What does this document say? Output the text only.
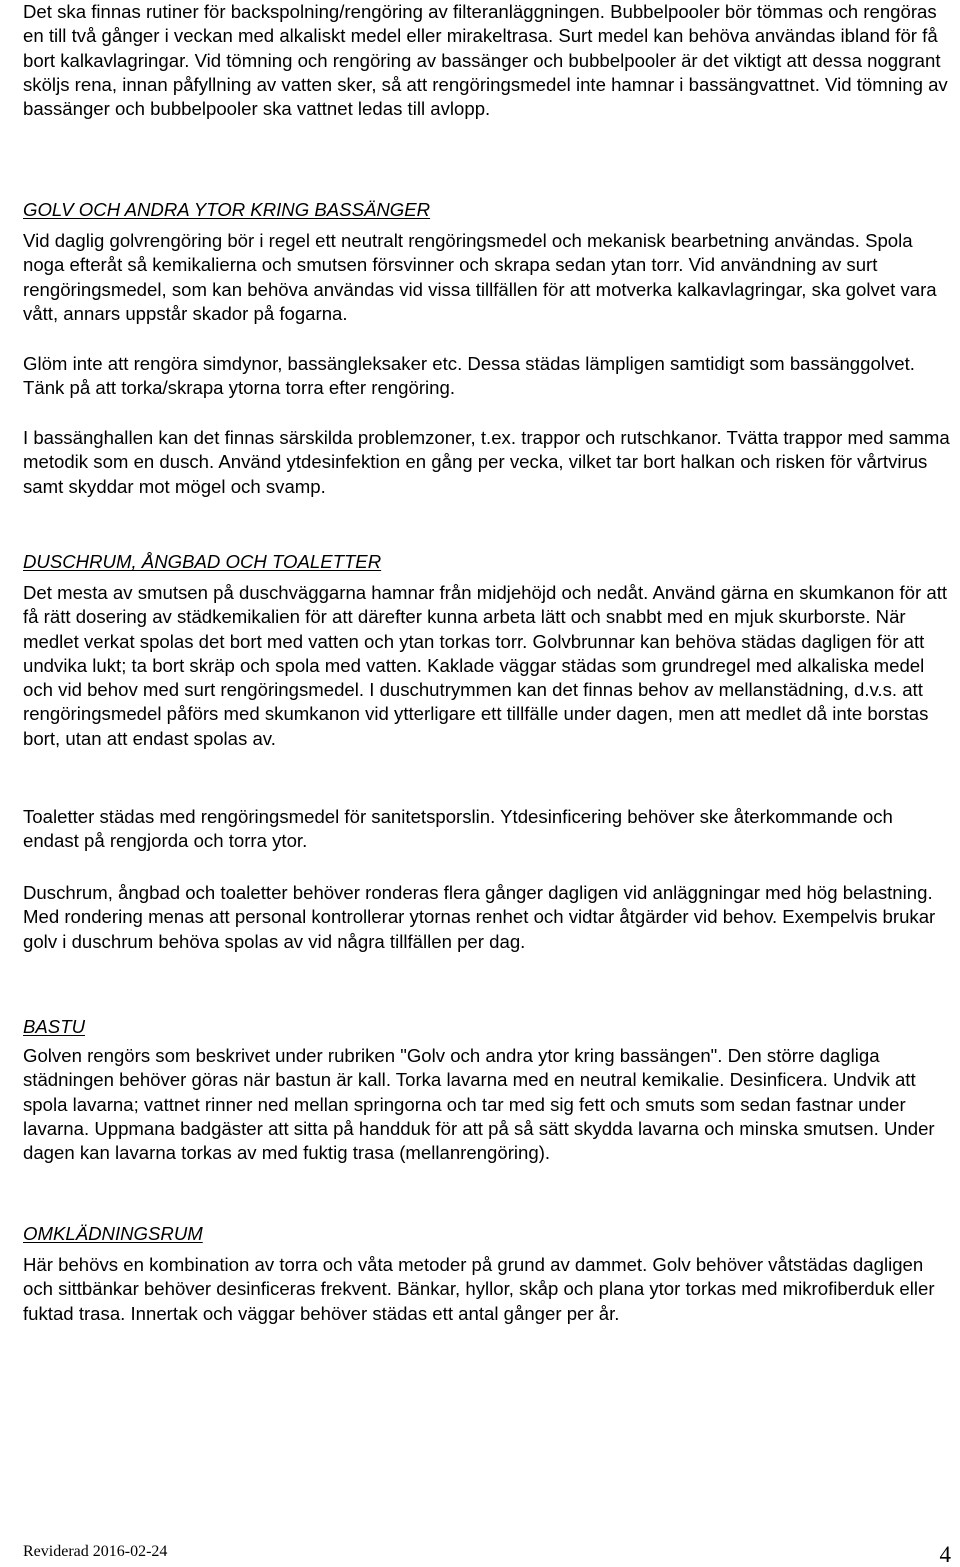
Det ska finnas rutiner för backspolning/rengöring av filteranläggningen. Bubbelpooler bör tömmas och rengöras en till två gånger i veckan med alkaliskt medel eller mirakeltrasa. Surt medel kan behöva användas ibland för få bort kalkavlagringar. Vid tömning och rengöring av bassänger och bubbelpooler är det viktigt att dessa noggrant sköljs rena, innan påfyllning av vatten sker, så att rengöringsmedel inte hamnar i bassängvattnet. Vid tömning av bassänger och bubbelpooler ska vattnet ledas till avlopp.

GOLV OCH ANDRA YTOR KRING BASSÄNGER

Vid daglig golvrengöring bör i regel ett neutralt rengöringsmedel och mekanisk bearbetning användas. Spola noga efteråt så kemikalierna och smutsen försvinner och skrapa sedan ytan torr. Vid användning av surt rengöringsmedel, som kan behöva användas vid vissa tillfällen för att motverka kalkavlagringar, ska golvet vara vått, annars uppstår skador på fogarna.

Glöm inte att rengöra simdynor, bassängleksaker etc. Dessa städas lämpligen samtidigt som bassänggolvet. Tänk på att torka/skrapa ytorna torra efter rengöring.

I bassänghallen kan det finnas särskilda problemzoner, t.ex. trappor och rutschkanor. Tvätta trappor med samma metodik som en dusch. Använd ytdesinfektion en gång per vecka, vilket tar bort halkan och risken för vårtvirus samt skyddar mot mögel och svamp.

DUSCHRUM, ÅNGBAD OCH TOALETTER

Det mesta av smutsen på duschväggarna hamnar från midjehöjd och nedåt. Använd gärna en skumkanon för att få rätt dosering av städkemikalien för att därefter kunna arbeta lätt och snabbt med en mjuk skurborste. När medlet verkat spolas det bort med vatten och ytan torkas torr. Golvbrunnar kan behöva städas dagligen för att undvika lukt; ta bort skräp och spola med vatten. Kaklade väggar städas som grundregel med alkaliska medel och vid behov med surt rengöringsmedel. I duschutrymmen kan det finnas behov av mellanstädning, d.v.s. att rengöringsmedel påförs med skumkanon vid ytterligare ett tillfälle under dagen, men att medlet då inte borstas bort, utan att endast spolas av.

Toaletter städas med rengöringsmedel för sanitetsporslin. Ytdesinficering behöver ske återkommande och endast på rengjorda och torra ytor.

Duschrum, ångbad och toaletter behöver ronderas flera gånger dagligen vid anläggningar med hög belastning. Med rondering menas att personal kontrollerar ytornas renhet och vidtar åtgärder vid behov. Exempelvis brukar golv i duschrum behöva spolas av vid några tillfällen per dag.

BASTU

Golven rengörs som beskrivet under rubriken "Golv och andra ytor kring bassängen". Den större dagliga städningen behöver göras när bastun är kall. Torka lavarna med en neutral kemikalie. Desinficera. Undvik att spola lavarna; vattnet rinner ned mellan springorna och tar med sig fett och smuts som sedan fastnar under lavarna. Uppmana badgäster att sitta på handduk för att på så sätt skydda lavarna och minska smutsen. Under dagen kan lavarna torkas av med fuktig trasa (mellanrengöring).

OMKLÄDNINGSRUM

Här behövs en kombination av torra och våta metoder på grund av dammet. Golv behöver våtstädas dagligen och sittbänkar behöver desinficeras frekvent. Bänkar, hyllor, skåp och plana ytor torkas med mikrofiberduk eller fuktad trasa. Innertak och väggar behöver städas ett antal gånger per år.

Reviderad 2016-02-24	4
